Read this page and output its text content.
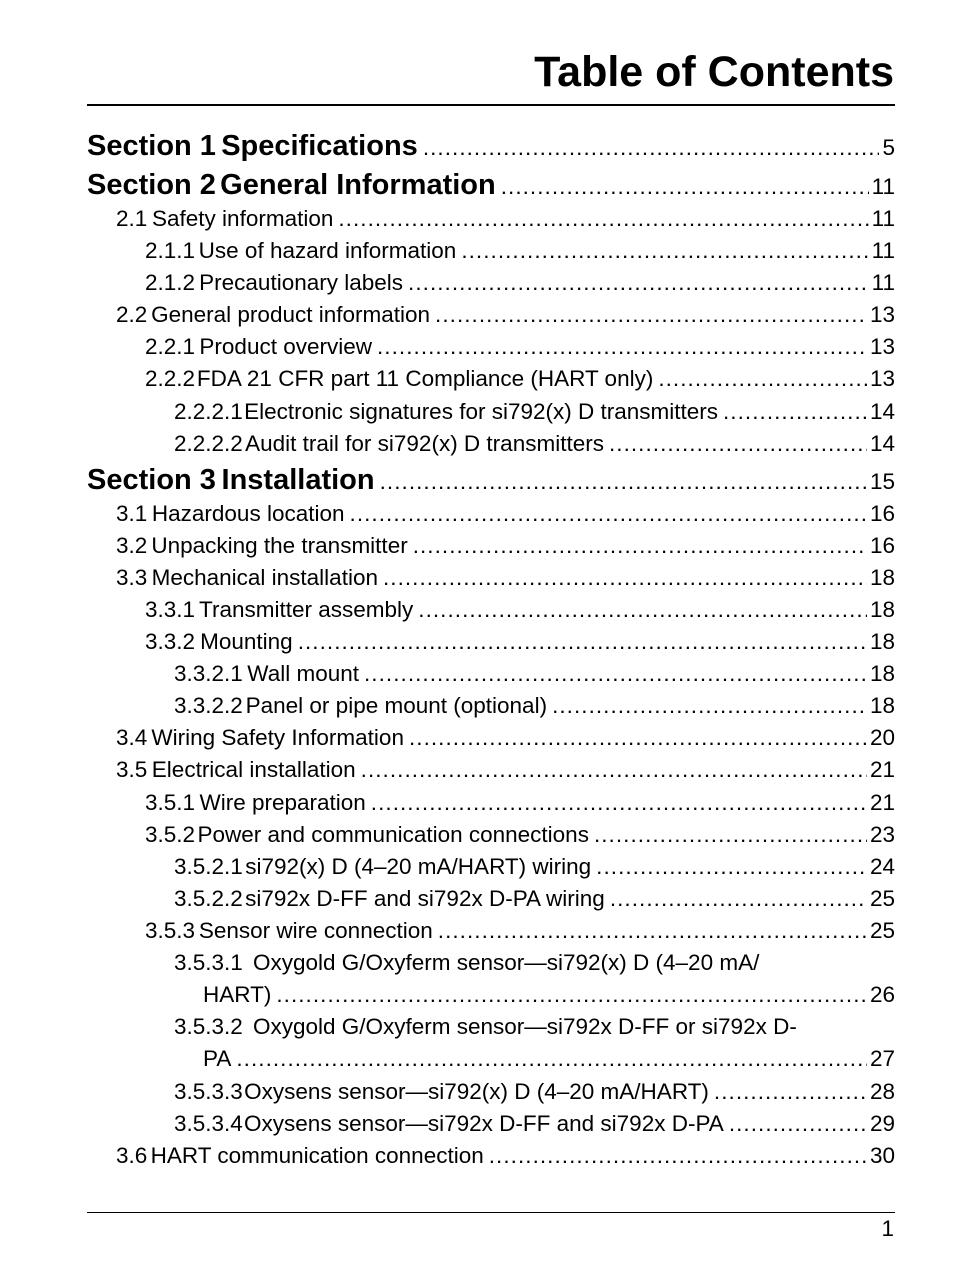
Table of Contents
Section 1 Specifications . . .	5
Section 2 General Information . . .	11
2.1 Safety information . . .	11
2.1.1 Use of hazard information . . .	11
2.1.2 Precautionary labels . . .	11
2.2 General product information . . .	13
2.2.1 Product overview . . .	13
2.2.2 FDA 21 CFR part 11 Compliance (HART only) . . .	13
2.2.2.1 Electronic signatures for si792(x) D transmitters . . .	14
2.2.2.2 Audit trail for si792(x) D transmitters . . .	14
Section 3 Installation . . .	15
3.1 Hazardous location . . .	16
3.2 Unpacking the transmitter . . .	16
3.3 Mechanical installation . . .	18
3.3.1 Transmitter assembly . . .	18
3.3.2 Mounting . . .	18
3.3.2.1 Wall mount . . .	18
3.3.2.2 Panel or pipe mount (optional) . . .	18
3.4 Wiring Safety Information . . .	20
3.5 Electrical installation . . .	21
3.5.1 Wire preparation . . .	21
3.5.2 Power and communication connections . . .	23
3.5.2.1 si792(x) D (4–20 mA/HART) wiring . . .	24
3.5.2.2 si792x D-FF and si792x D-PA wiring . . .	25
3.5.3 Sensor wire connection . . .	25
3.5.3.1 Oxygold G/Oxyferm sensor—si792(x) D (4–20 mA/
HART) . . .	26
3.5.3.2 Oxygold G/Oxyferm sensor—si792x D-FF or si792x D-
PA . . .	27
3.5.3.3 Oxysens sensor—si792(x) D (4–20 mA/HART) . . .	28
3.5.3.4 Oxysens sensor—si792x D-FF and si792x D-PA . . .	29
3.6 HART communication connection . . .	30
1
